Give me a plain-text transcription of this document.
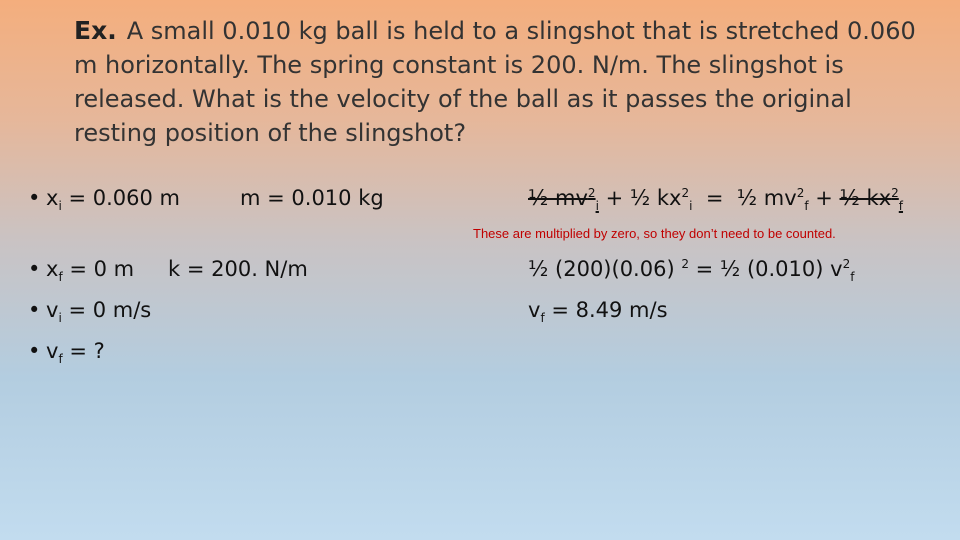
Ex. A small 0.010 kg ball is held to a slingshot that is stretched 0.060 m horizontally. The spring constant is 200. N/m. The slingshot is released. What is the velocity of the ball as it passes the original resting position of the slingshot?
• $x_i = 0.060$ m	m = 0.010 kg
• $x_f = 0$ m k = 200. N/m
• $v_i = 0$ m/s
• $v_f$ = ?
½ $mv^2_i$ + ½ $kx^2_i$  =  ½ $mv^2_f$ + ½ $kx^2_f$
These are multiplied by zero, so they don’t need to be counted.
½ (200)(0.06) $^2$ = ½ (0.010) $v^2_f$
$v_f = 8.49$ m/s
